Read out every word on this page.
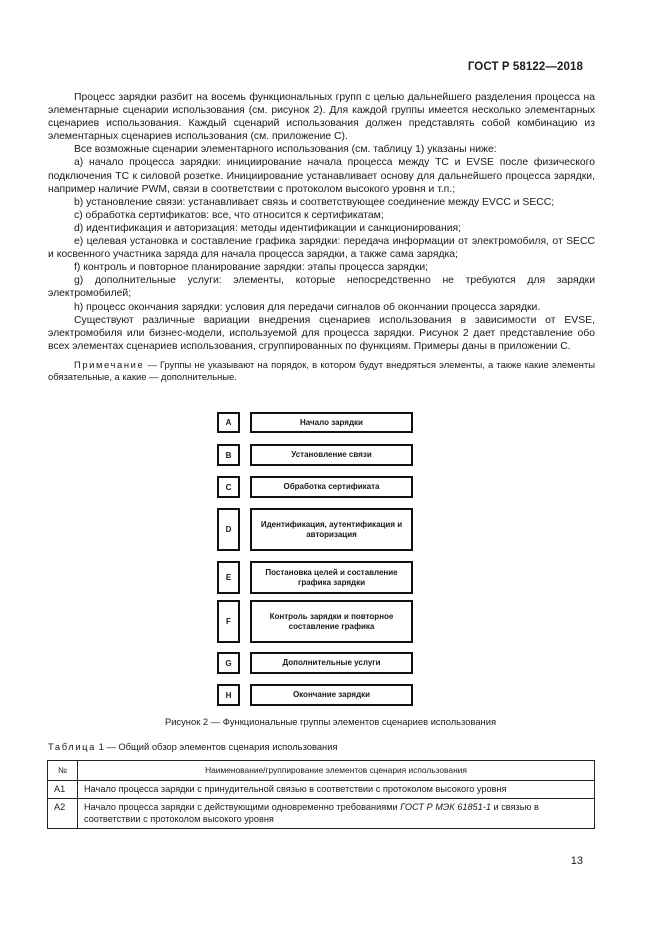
ГОСТ Р 58122—2018

Процесс зарядки разбит на восемь функциональных групп с целью дальнейшего разделения процесса на элементарные сценарии использования (см. рисунок 2). Для каждой группы имеется несколько элементарных сценариев использования. Каждый сценарий использования должен представлять собой комбинацию из элементарных сценариев использования (см. приложение C).

Все возможные сценарии элементарного использования (см. таблицу 1) указаны ниже:

a) начало процесса зарядки: инициирование начала процесса между ТС и EVSE после физического подключения ТС к силовой розетке. Инициирование устанавливает основу для дальнейшего процесса зарядки, например наличие PWM, связи в соответствии с протоколом высокого уровня и т.п.;

b) установление связи: устанавливает связь и соответствующее соединение между EVCC и SECC;

c) обработка сертификатов: все, что относится к сертификатам;

d) идентификация и авторизация: методы идентификации и санкционирования;

e) целевая установка и составление графика зарядки: передача информации от электромобиля, от SECC и косвенного участника заряда для начала процесса зарядки, а также сама зарядка;

f) контроль и повторное планирование зарядки: этапы процесса зарядки;

g) дополнительные услуги: элементы, которые непосредственно не требуются для зарядки электромобилей;

h) процесс окончания зарядки: условия для передачи сигналов об окончании процесса зарядки.

Существуют различные вариации внедрения сценариев использования в зависимости от EVSE, электромобиля или бизнес-модели, используемой для процесса зарядки. Рисунок 2 дает представление обо всех элементах сценариев использования, сгруппированных по функциям. Примеры даны в приложении C.

Примечание — Группы не указывают на порядок, в котором будут внедряться элементы, а также какие элементы обязательные, а какие — дополнительные.

A	Начало зарядки
B	Установление связи
C	Обработка сертификата
D
Идентификация, аутентификация и авторизация
E
Постановка целей и составление графика зарядки
F
Контроль зарядки и повторное составление графика
G	Дополнительные услуги
H	Окончание зарядки
Рисунок 2 — Функциональные группы элементов сценариев использования
Таблица 1 — Общий обзор элементов сценария использования
№	Наименование/группирование элементов сценария использования
A1	Начало процесса зарядки с принудительной связью в соответствии с протоколом высокого уровня
A2	Начало процесса зарядки с действующими одновременно требованиями ГОСТ Р МЭК 61851-1 и связью в соответствии с протоколом высокого уровня
13
